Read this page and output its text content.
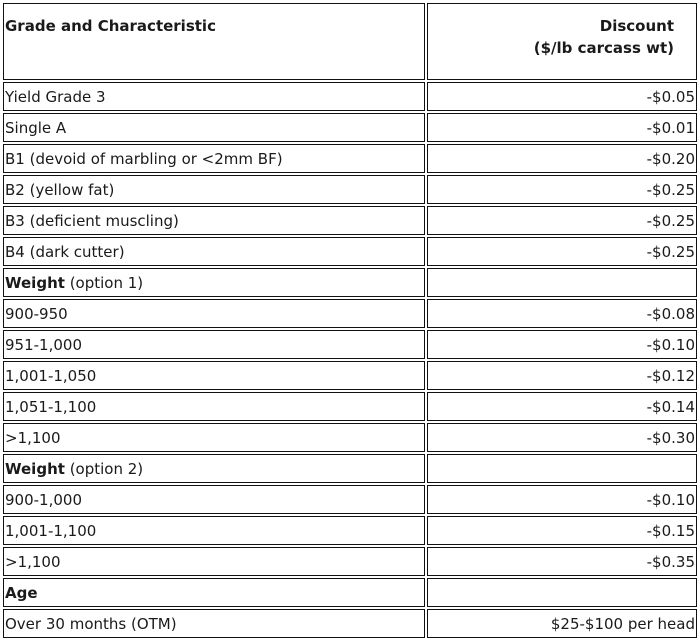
Grade and Characteristic	Discount
($/lb carcass wt)

Yield Grade 3	-$0.05
Single A	-$0.01
B1 (devoid of marbling or <2mm BF)	-$0.20
B2 (yellow fat)	-$0.25
B3 (deficient muscling)	-$0.25
B4 (dark cutter)	-$0.25
Weight (option 1)	
900-950	-$0.08
951-1,000	-$0.10
1,001-1,050	-$0.12
1,051-1,100	-$0.14
>1,100	-$0.30
Weight (option 2)	
900-1,000	-$0.10
1,001-1,100	-$0.15
>1,100	-$0.35
Age	
Over 30 months (OTM)	$25-$100 per head
